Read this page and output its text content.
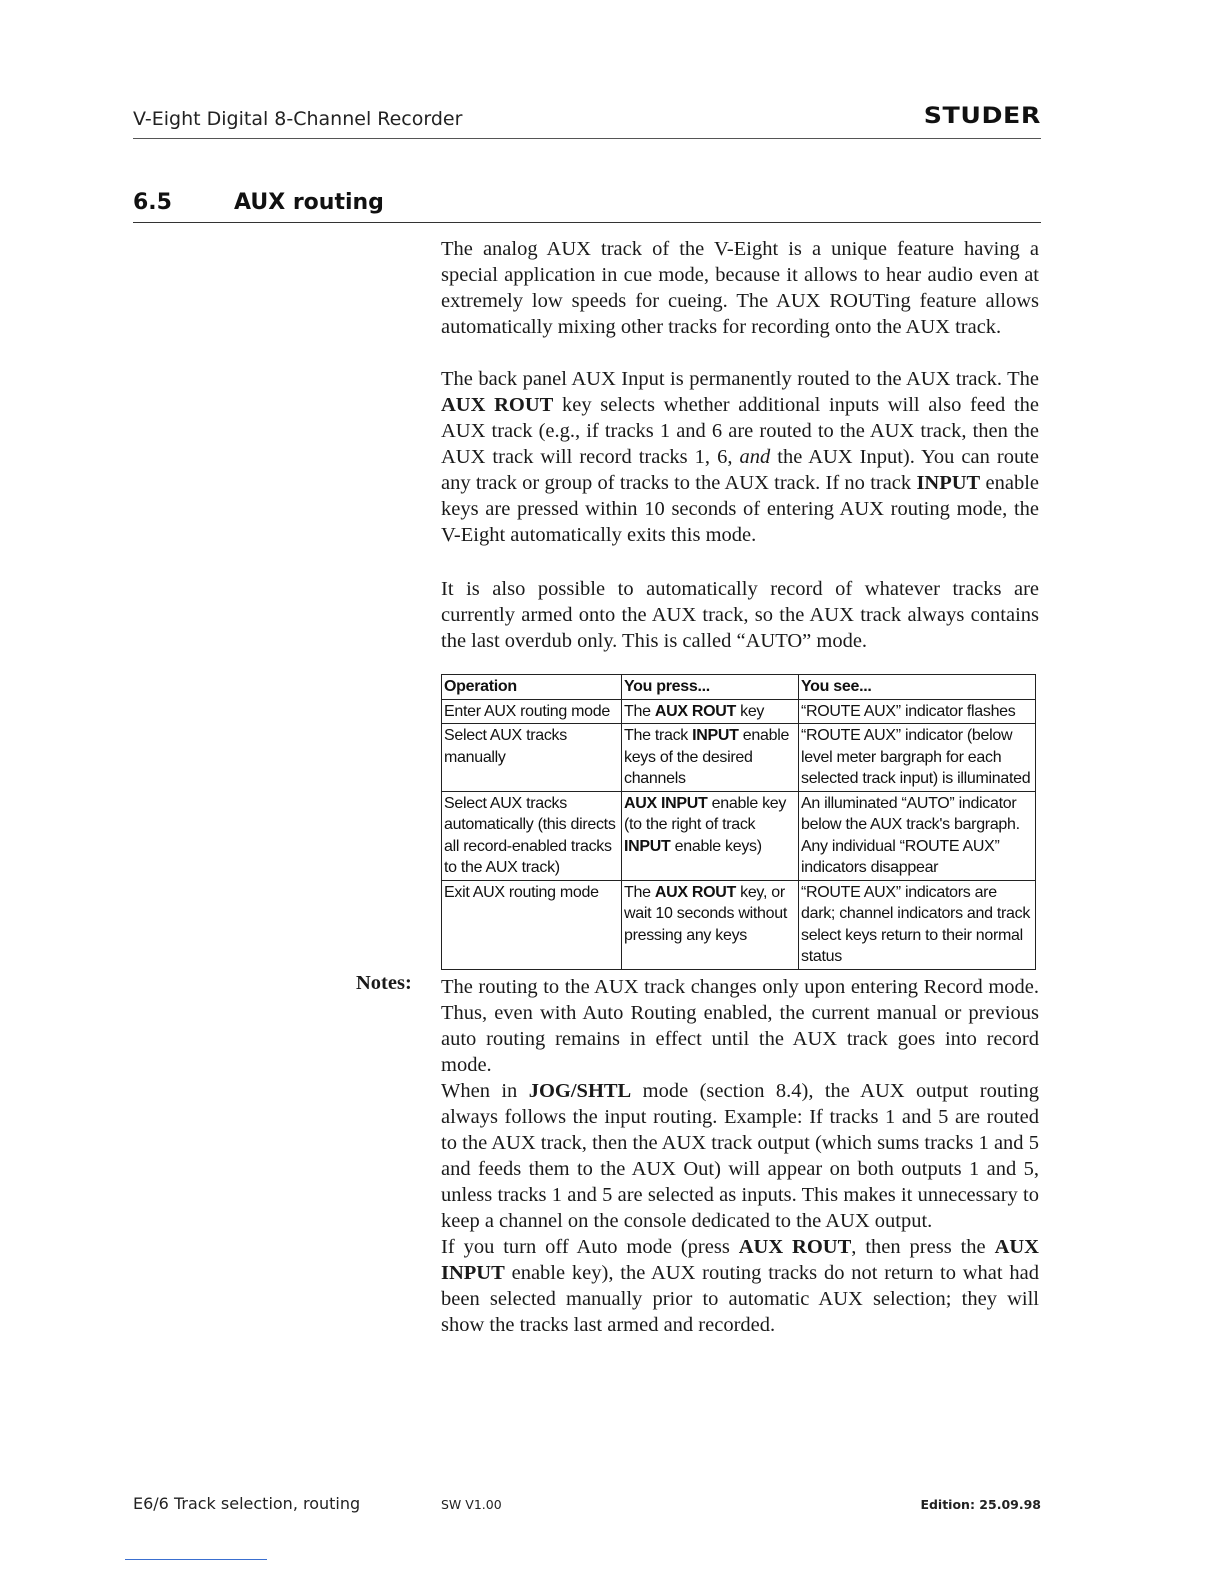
V-Eight Digital 8-Channel Recorder	STUDER
6.5	AUX routing

The analog AUX track of the V-Eight is a unique feature having a special application in cue mode, because it allows to hear audio even at extremely low speeds for cueing. The AUX ROUTing feature allows automatically mixing other tracks for recording onto the AUX track.

The back panel AUX Input is permanently routed to the AUX track. The AUX ROUT key selects whether additional inputs will also feed the AUX track (e.g., if tracks 1 and 6 are routed to the AUX track, then the AUX track will record tracks 1, 6, and the AUX Input). You can route any track or group of tracks to the AUX track. If no track INPUT enable keys are pressed within 10 seconds of entering AUX routing mode, the V-Eight automatically exits this mode.

It is also possible to automatically record of whatever tracks are currently armed onto the AUX track, so the AUX track always contains the last overdub only. This is called “AUTO” mode.

Operation	You press...	You see...
Enter AUX routing mode	The AUX ROUT key	“ROUTE AUX” indicator flashes
Select AUX tracks manually	The track INPUT enable keys of the desired channels	“ROUTE AUX” indicator (below level meter bargraph for each selected track input) is illuminated
Select AUX tracks automatically (this directs all record-enabled tracks to the AUX track)	AUX INPUT enable key (to the right of track INPUT enable keys)	An illuminated “AUTO” indicator below the AUX track's bargraph. Any individual “ROUTE AUX” indicators disappear
Exit AUX routing mode	The AUX ROUT key, or wait 10 seconds without pressing any keys	“ROUTE AUX” indicators are dark; channel indicators and track select keys return to their normal status
Notes: The routing to the AUX track changes only upon entering Record mode. Thus, even with Auto Routing enabled, the current manual or previous auto routing remains in effect until the AUX track goes into record mode.

When in JOG/SHTL mode (section 8.4), the AUX output routing always follows the input routing. Example: If tracks 1 and 5 are routed to the AUX track, then the AUX track output (which sums tracks 1 and 5 and feeds them to the AUX Out) will appear on both outputs 1 and 5, unless tracks 1 and 5 are selected as inputs. This makes it unnecessary to keep a channel on the console dedicated to the AUX output.

If you turn off Auto mode (press AUX ROUT, then press the AUX INPUT enable key), the AUX routing tracks do not return to what had been selected manually prior to automatic AUX selection; they will show the tracks last armed and recorded.

E6/6 Track selection, routing	SW V1.00	Edition: 25.09.98
